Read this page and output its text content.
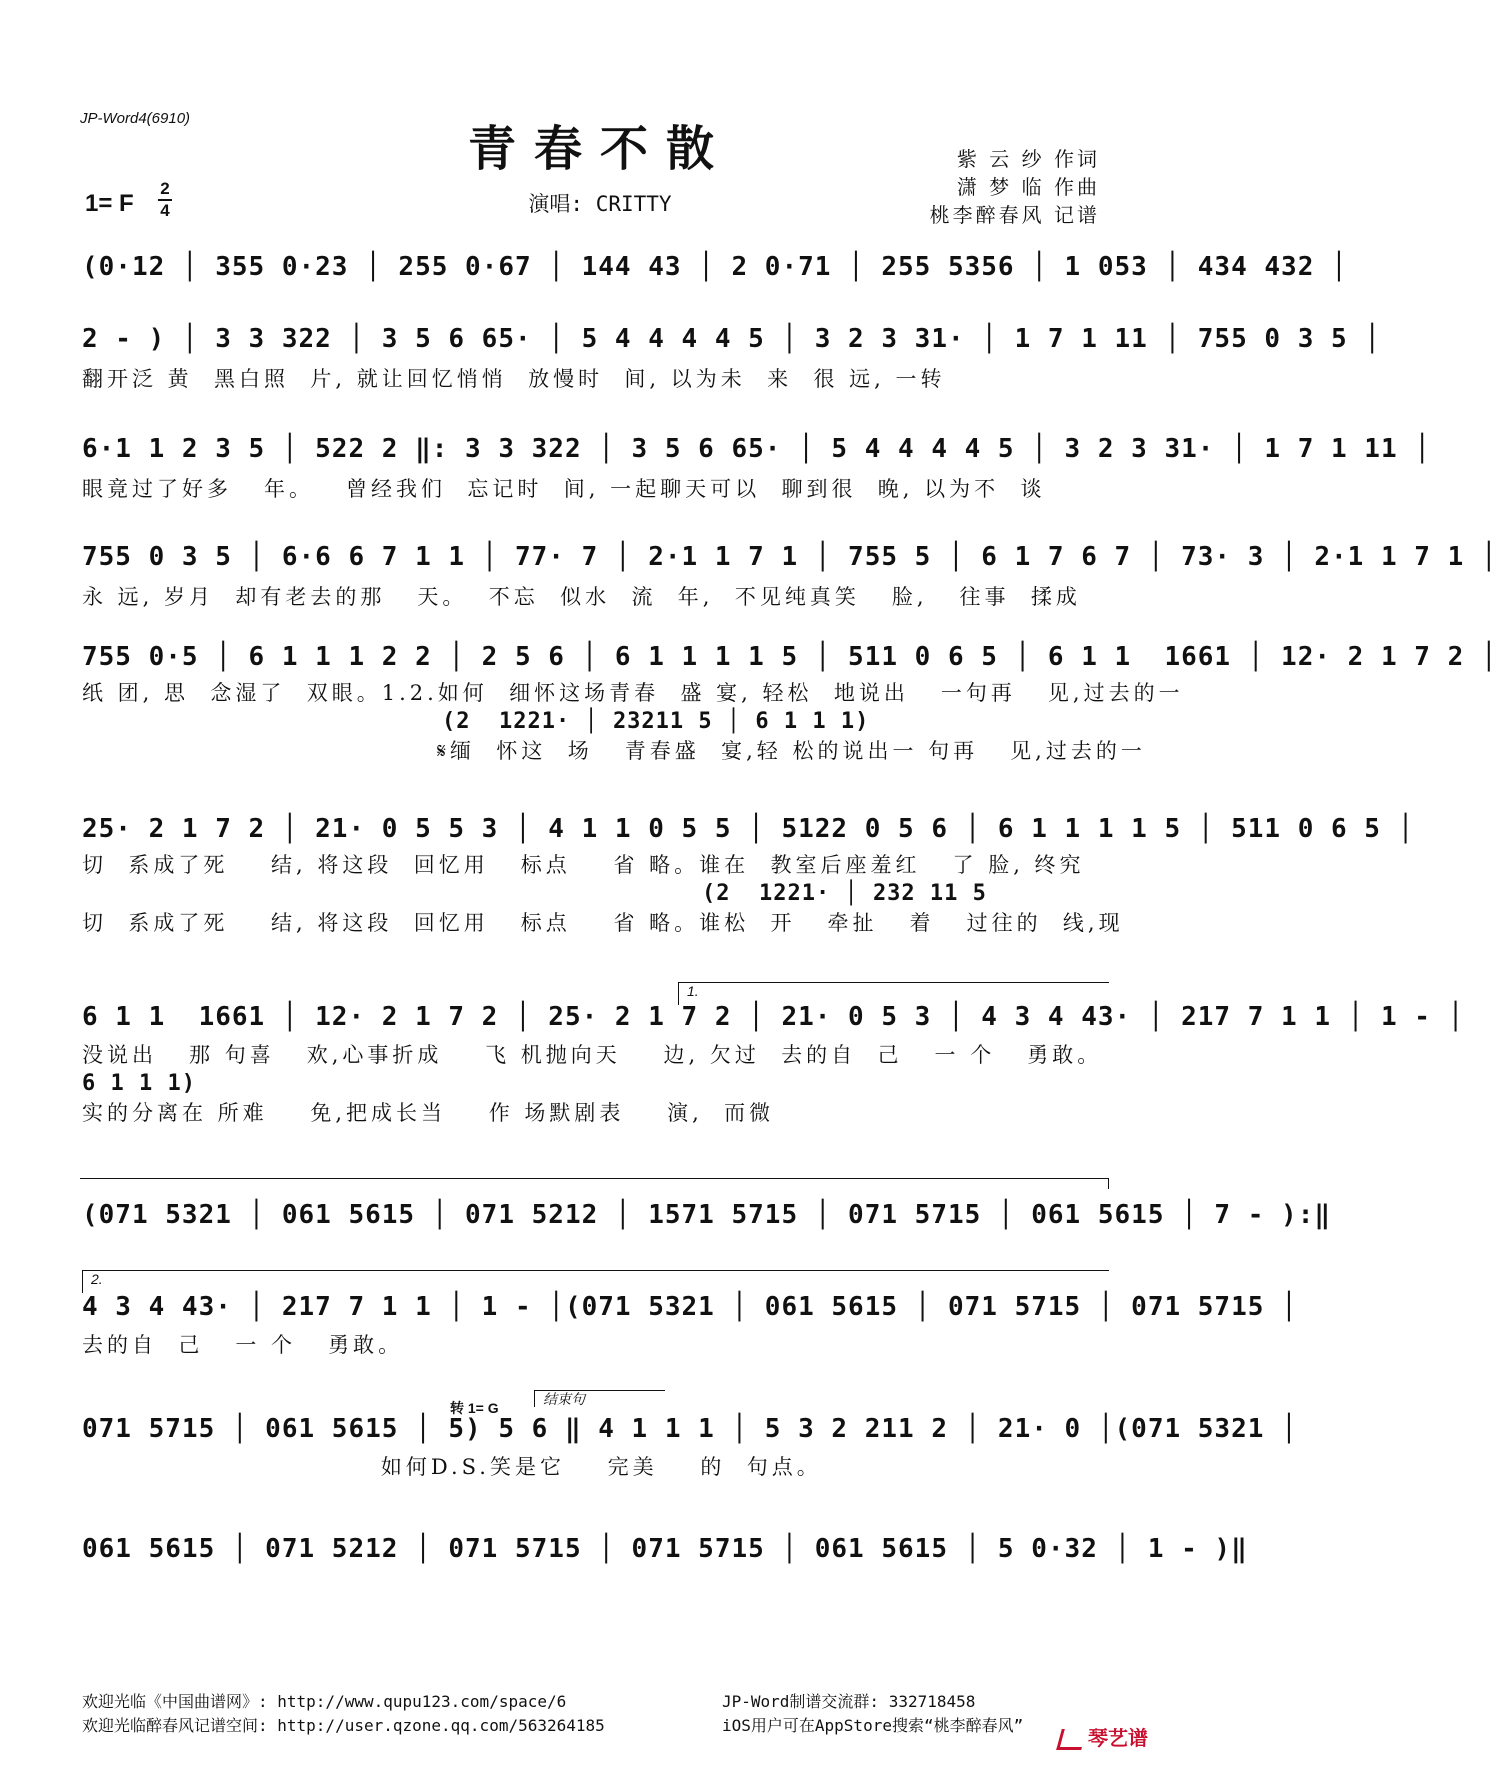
JP-Word4(6910)
青春不散
演唱: CRITTY
紫 云 纱 作词
潇 梦 临 作曲
桃李醉春风 记谱
1= F
2
4
(0·12 │ 355 0·23 │ 255 0·67 │ 144 43 │ 2 0·71 │ 255 5356 │ 1 053 │ 434 432 │
2 - ) │ 3 3 322 │ 3 5 6 65· │ 5 4 4 4 4 5 │ 3 2 3 31· │ 1 7 1 11 │ 755 0 3 5 │
翻开泛 黄  黑白照  片, 就让回忆悄悄  放慢时  间, 以为未  来  很 远, 一转
6·1 1 2 3 5 │ 522 2 ‖: 3 3 322 │ 3 5 6 65· │ 5 4 4 4 4 5 │ 3 2 3 31· │ 1 7 1 11 │
眼竟过了好多   年。   曾经我们  忘记时  间, 一起聊天可以  聊到很  晚, 以为不  谈
755 0 3 5 │ 6·6 6 7 1 1 │ 77· 7 │ 2·1 1 7 1 │ 755 5 │ 6 1 7 6 7 │ 73· 3 │ 2·1 1 7 1 │
永 远, 岁月  却有老去的那   天。  不忘  似水  流  年,  不见纯真笑   脸,   往事  揉成
755 0·5 │ 6 1 1 1 2 2 │ 2 5 6 │ 6 1 1 1 1 5 │ 511 0 6 5 │ 6 1 1  1661 │ 12· 2 1 7 2 │
纸 团, 思  念湿了  双眼。1.2.如何  细怀这场青春  盛 宴, 轻松  地说出   一句再   见,过去的一
(2  1221· │ 23211 5 │ 6 1 1 1)
𝄋缅  怀这  场   青春盛  宴,轻 松的说出一 句再   见,过去的一
25· 2 1 7 2 │ 21· 0 5 5 3 │ 4 1 1 0 5 5 │ 5122 0 5 6 │ 6 1 1 1 1 5 │ 511 0 6 5 │
切  系成了死    结, 将这段  回忆用   标点    省 略。谁在  教室后座羞红   了 脸, 终究
(2  1221· │ 232 11 5
切  系成了死    结, 将这段  回忆用   标点    省 略。谁松  开   牵扯   着   过往的  线,现
1.
6 1 1  1661 │ 12· 2 1 7 2 │ 25· 2 1 7 2 │ 21· 0 5 3 │ 4 3 4 43· │ 217 7 1 1 │ 1 - │
没说出   那 句喜   欢,心事折成    飞 机抛向天    边, 欠过  去的自  己   一 个   勇敢。
6 1 1 1)
实的分离在 所难    免,把成长当    作 场默剧表    演,  而微
(071 5321 │ 061 5615 │ 071 5212 │ 1571 5715 │ 071 5715 │ 061 5615 │ 7 - ):‖
2.
4 3 4 43· │ 217 7 1 1 │ 1 - │(071 5321 │ 061 5615 │ 071 5715 │ 071 5715 │
去的自  己   一 个   勇敢。
转 1= G
结束句
071 5715 │ 061 5615 │ 5) 5 6 ‖ 4 1 1 1 │ 5 3 2 211 2 │ 21· 0 │(071 5321 │
如何D.S.笑是它    完美    的  句点。
061 5615 │ 071 5212 │ 071 5715 │ 071 5715 │ 061 5615 │ 5 0·32 │ 1 - )‖
欢迎光临《中国曲谱网》: http://www.qupu123.com/space/6
欢迎光临醉春风记谱空间: http://user.qzone.qq.com/563264185
JP-Word制谱交流群: 332718458
iOS用户可在AppStore搜索“桃李醉春风”
琴艺谱
